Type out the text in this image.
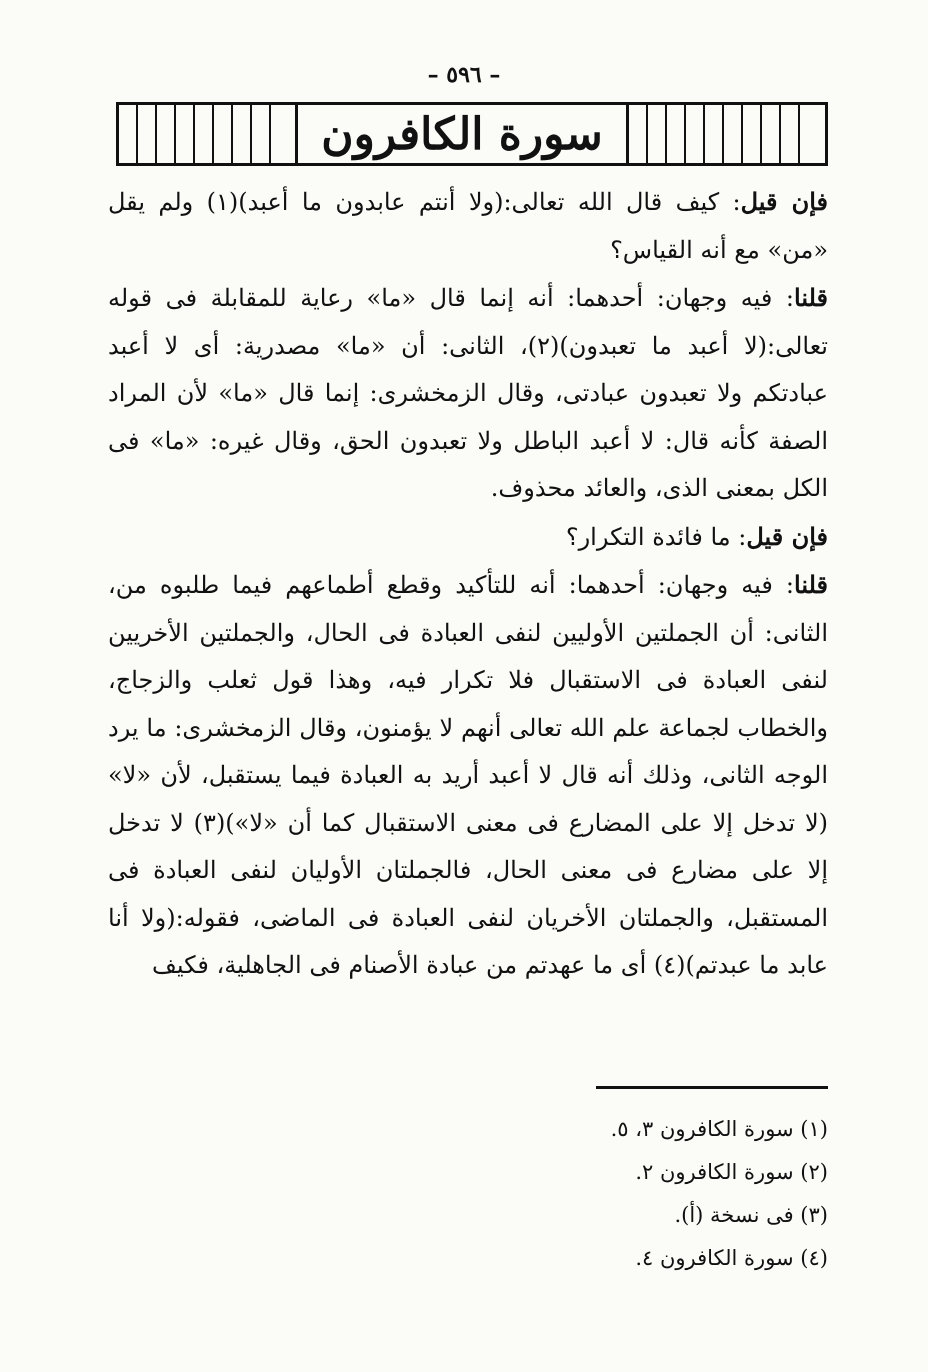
– ٥٩٦ –
سورة الكافرون

فإن قيل: كيف قال الله تعالى:(ولا أنتم عابدون ما أعبد)(١) ولم يقل «من» مع أنه القياس؟

قلنا: فيه وجهان: أحدهما: أنه إنما قال «ما» رعاية للمقابلة فى قوله تعالى:(لا أعبد ما تعبدون)(٢)، الثانى: أن «ما» مصدرية: أى لا أعبد عبادتكم ولا تعبدون عبادتى، وقال الزمخشرى: إنما قال «ما» لأن المراد الصفة كأنه قال: لا أعبد الباطل ولا تعبدون الحق، وقال غيره: «ما» فى الكل بمعنى الذى، والعائد محذوف.

فإن قيل: ما فائدة التكرار؟

قلنا: فيه وجهان: أحدهما: أنه للتأكيد وقطع أطماعهم فيما طلبوه من، الثانى: أن الجملتين الأوليين لنفى العبادة فى الحال، والجملتين الأخريين لنفى العبادة فى الاستقبال فلا تكرار فيه، وهذا قول ثعلب والزجاج، والخطاب لجماعة علم الله تعالى أنهم لا يؤمنون، وقال الزمخشرى: ما يرد الوجه الثانى، وذلك أنه قال لا أعبد أريد به العبادة فيما يستقبل، لأن «لا» (لا تدخل إلا على المضارع فى معنى الاستقبال كما أن «لا»)(٣) لا تدخل إلا على مضارع فى معنى الحال، فالجملتان الأوليان لنفى العبادة فى المستقبل، والجملتان الأخريان لنفى العبادة فى الماضى، فقوله:(ولا أنا عابد ما عبدتم)(٤) أى ما عهدتم من عبادة الأصنام فى الجاهلية، فكيف

(١) سورة الكافرون ٣، ٥.
(٢) سورة الكافرون ٢.
(٣) فى نسخة (أ).
(٤) سورة الكافرون ٤.
